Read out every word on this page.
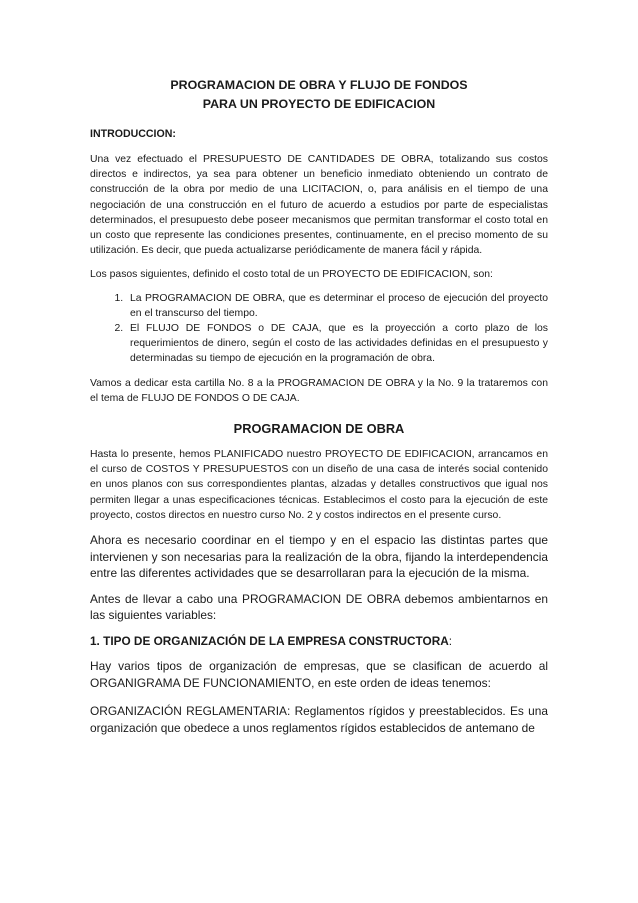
PROGRAMACION DE OBRA Y FLUJO DE FONDOS

PARA UN PROYECTO DE EDIFICACION

INTRODUCCION:

Una vez efectuado el PRESUPUESTO DE CANTIDADES DE OBRA, totalizando sus costos directos e indirectos, ya sea para obtener un beneficio inmediato obteniendo un contrato de construcción de la obra por medio de una LICITACION, o, para análisis en el tiempo de una negociación de una construcción en el futuro de acuerdo a estudios por parte de especialistas determinados, el presupuesto debe poseer mecanismos que permitan transformar el costo total en un costo que represente las condiciones presentes, continuamente, en el preciso momento de su utilización. Es decir, que pueda actualizarse periódicamente de manera fácil y rápida.

Los pasos siguientes, definido el costo total de un PROYECTO DE EDIFICACION, son:

1. La PROGRAMACION DE OBRA, que es determinar el proceso de ejecución del proyecto en el transcurso del tiempo.
2. El FLUJO DE FONDOS o DE CAJA, que es la proyección a corto plazo de los requerimientos de dinero, según el costo de las actividades definidas en el presupuesto y determinadas su tiempo de ejecución en la programación de obra.

Vamos a dedicar esta cartilla No. 8 a la PROGRAMACION DE OBRA y la No. 9 la trataremos con el tema de FLUJO DE FONDOS O DE CAJA.

PROGRAMACION DE OBRA

Hasta lo presente, hemos PLANIFICADO nuestro PROYECTO DE EDIFICACION, arrancamos en el curso de COSTOS Y PRESUPUESTOS con un diseño de una casa de interés social contenido en unos planos con sus correspondientes plantas, alzadas y detalles constructivos que igual nos permiten llegar a unas especificaciones técnicas. Establecimos el costo para la ejecución de este proyecto, costos directos en nuestro curso No. 2 y costos indirectos en el presente curso.

Ahora es necesario coordinar en el tiempo y en el espacio las distintas partes que intervienen y son necesarias para la realización de la obra, fijando la interdependencia entre las diferentes actividades que se desarrollaran para la ejecución de la misma.

Antes de llevar a cabo una PROGRAMACION DE OBRA debemos ambientarnos en las siguientes variables:

1. TIPO DE ORGANIZACIÓN DE LA EMPRESA CONSTRUCTORA:

Hay varios tipos de organización de empresas, que se clasifican de acuerdo al ORGANIGRAMA DE FUNCIONAMIENTO, en este orden de ideas tenemos:

ORGANIZACIÓN REGLAMENTARIA: Reglamentos rígidos y preestablecidos. Es una organización que obedece a unos reglamentos rígidos establecidos de antemano de
